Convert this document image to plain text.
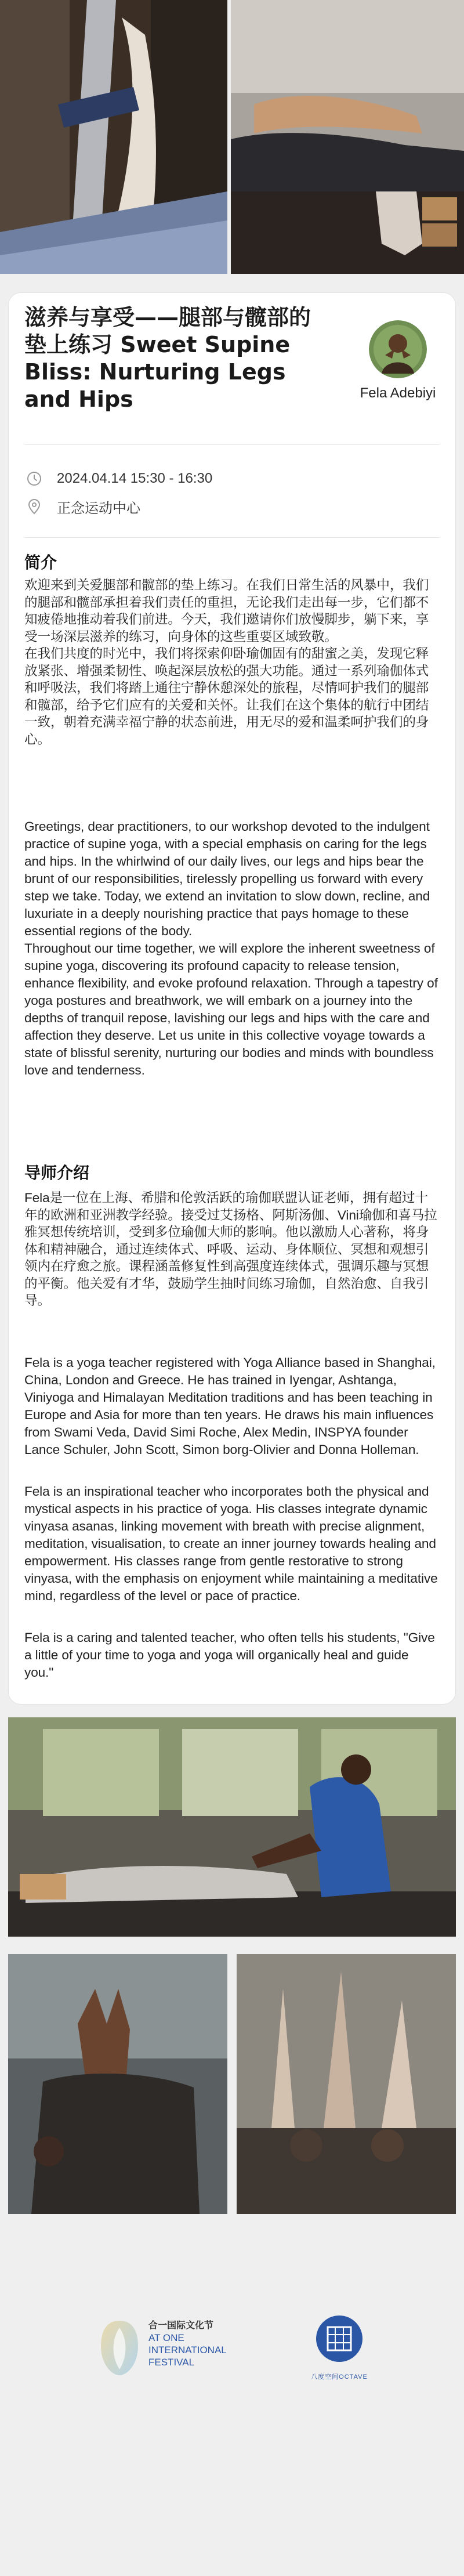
滋养与享受——腿部与髋部的垫上练习 Sweet Supine Bliss: Nurturing Legs and Hips	Fela Adebiyi
2024.04.14 15:30 - 16:30
正念运动中心
简介
欢迎来到关爱腿部和髋部的垫上练习。在我们日常生活的风暴中，我们的腿部和髋部承担着我们责任的重担，无论我们走出每一步，它们都不知疲倦地推动着我们前进。今天，我们邀请你们放慢脚步，躺下来，享受一场深层滋养的练习，向身体的这些重要区域致敬。
在我们共度的时光中，我们将探索仰卧瑜伽固有的甜蜜之美，发现它释放紧张、增强柔韧性、唤起深层放松的强大功能。通过一系列瑜伽体式和呼吸法，我们将踏上通往宁静休憩深处的旅程，尽情呵护我们的腿部和髋部，给予它们应有的关爱和关怀。让我们在这个集体的航行中团结一致，朝着充满幸福宁静的状态前进，用无尽的爱和温柔呵护我们的身心。
Greetings, dear practitioners, to our workshop devoted to the indulgent practice of supine yoga, with a special emphasis on caring for the legs and hips. In the whirlwind of our daily lives, our legs and hips bear the brunt of our responsibilities, tirelessly propelling us forward with every step we take. Today, we extend an invitation to slow down, recline, and luxuriate in a deeply nourishing practice that pays homage to these essential regions of the body.
Throughout our time together, we will explore the inherent sweetness of supine yoga, discovering its profound capacity to release tension, enhance flexibility, and evoke profound relaxation. Through a tapestry of yoga postures and breathwork, we will embark on a journey into the depths of tranquil repose, lavishing our legs and hips with the care and affection they deserve. Let us unite in this collective voyage towards a state of blissful serenity, nurturing our bodies and minds with boundless love and tenderness.
导师介绍
Fela是一位在上海、希腊和伦敦活跃的瑜伽联盟认证老师，拥有超过十年的欧洲和亚洲教学经验。接受过艾扬格、阿斯汤伽、Vini瑜伽和喜马拉雅冥想传统培训，受到多位瑜伽大师的影响。他以激励人心著称，将身体和精神融合，通过连续体式、呼吸、运动、身体顺位、冥想和观想引领内在疗愈之旅。课程涵盖修复性到高强度连续体式，强调乐趣与冥想的平衡。他关爱有才华，鼓励学生抽时间练习瑜伽，自然治愈、自我引导。
Fela is a yoga teacher registered with Yoga Alliance based in Shanghai, China, London and Greece. He has trained in Iyengar, Ashtanga, Viniyoga and Himalayan Meditation traditions and has been teaching in Europe and Asia for more than ten years. He draws his main influences from Swami Veda, David Simi Roche, Alex Medin, INSPYA founder Lance Schuler, John Scott, Simon borg-Olivier and Donna Holleman.
Fela is an inspirational teacher who incorporates both the physical and mystical aspects in his practice of yoga. His classes integrate dynamic vinyasa asanas, linking movement with breath with precise alignment, meditation, visualisation, to create an inner journey towards healing and empowerment. His classes range from gentle restorative to strong vinyasa, with the emphasis on enjoyment while maintaining a meditative mind, regardless of the level or pace of practice.
Fela is a caring and talented teacher, who often tells his students, "Give a little of your time to yoga and yoga will organically heal and guide you."
合一国际文化节
AT ONE
INTERNATIONAL
FESTIVAL
八度空间OCTAVE
